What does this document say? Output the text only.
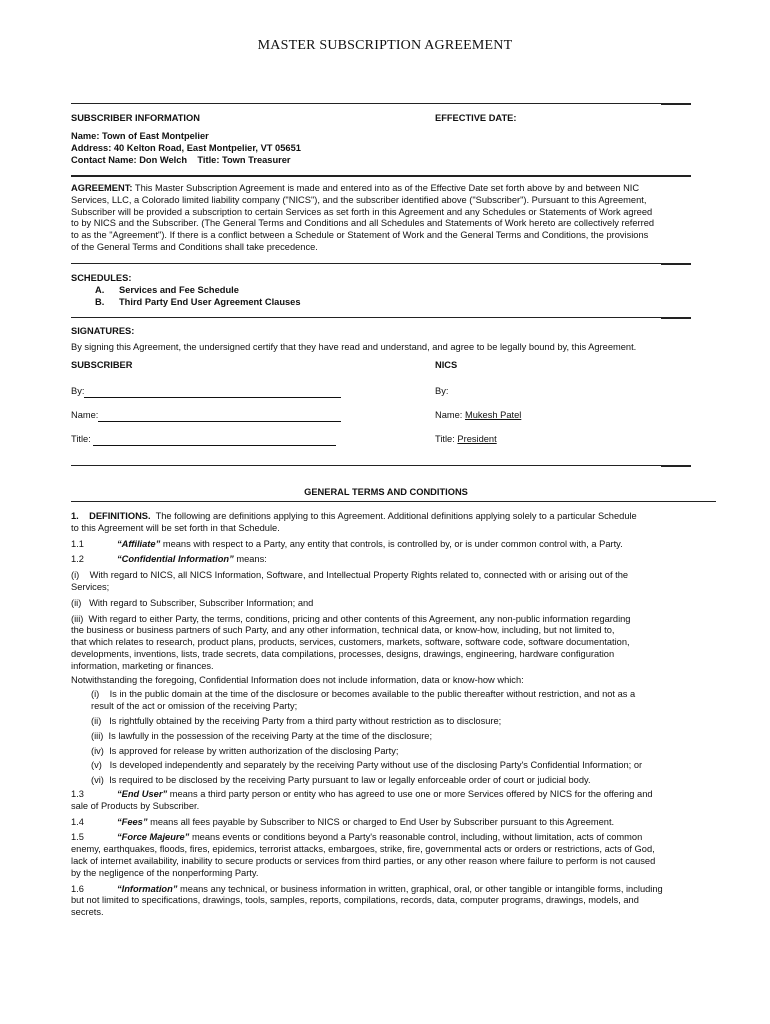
MASTER SUBSCRIPTION AGREEMENT
SUBSCRIBER INFORMATION	EFFECTIVE DATE:
Name: Town of East Montpelier
Address: 40 Kelton Road, East Montpelier, VT 05651
Contact Name: Don Welch    Title: Town Treasurer
AGREEMENT: This Master Subscription Agreement is made and entered into as of the Effective Date set forth above by and between NIC
Services, LLC, a Colorado limited liability company ("NICS"), and the subscriber identified above ("Subscriber"). Pursuant to this Agreement,
Subscriber will be provided a subscription to certain Services as set forth in this Agreement and any Schedules or Statements of Work agreed
to by NICS and the Subscriber. (The General Terms and Conditions and all Schedules and Statements of Work hereto are collectively referred
to as the "Agreement"). If there is a conflict between a Schedule or Statement of Work and the General Terms and Conditions, the provisions
of the General Terms and Conditions shall take precedence.
SCHEDULES:
A. Services and Fee Schedule
B. Third Party End User Agreement Clauses
SIGNATURES:
By signing this Agreement, the undersigned certify that they have read and understand, and agree to be legally bound by, this Agreement.
SUBSCRIBER	NICS
By:
Name:
Title:
By:
Name: Mukesh Patel
Title: President
GENERAL TERMS AND CONDITIONS
1. DEFINITIONS. The following are definitions applying to this Agreement. Additional definitions applying solely to a particular Schedule
to this Agreement will be set forth in that Schedule.
1.1	“Affiliate” means with respect to a Party, any entity that controls, is controlled by, or is under common control with, a Party.
1.2	“Confidential Information” means:
(i)    With regard to NICS, all NICS Information, Software, and Intellectual Property Rights related to, connected with or arising out of the
Services;
(ii)   With regard to Subscriber, Subscriber Information; and
(iii)  With regard to either Party, the terms, conditions, pricing and other contents of this Agreement, any non-public information regarding
the business or business partners of such Party, and any other information, technical data, or know-how, including, but not limited to,
that which relates to research, product plans, products, services, customers, markets, software, software code, software documentation,
developments, inventions, lists, trade secrets, data compilations, processes, designs, drawings, engineering, hardware configuration
information, marketing or finances.
Notwithstanding the foregoing, Confidential Information does not include information, data or know-how which:
(i)    Is in the public domain at the time of the disclosure or becomes available to the public thereafter without restriction, and not as a
result of the act or omission of the receiving Party;
(ii)   Is rightfully obtained by the receiving Party from a third party without restriction as to disclosure;
(iii)  Is lawfully in the possession of the receiving Party at the time of the disclosure;
(iv)  Is approved for release by written authorization of the disclosing Party;
(v)   Is developed independently and separately by the receiving Party without use of the disclosing Party's Confidential Information; or
(vi)  Is required to be disclosed by the receiving Party pursuant to law or legally enforceable order of court or judicial body.
1.3	“End User” means a third party person or entity who has agreed to use one or more Services offered by NICS for the offering and
sale of Products by Subscriber.
1.4	“Fees” means all fees payable by Subscriber to NICS or charged to End User by Subscriber pursuant to this Agreement.
1.5	“Force Majeure” means events or conditions beyond a Party's reasonable control, including, without limitation, acts of common
enemy, earthquakes, floods, fires, epidemics, terrorist attacks, embargoes, strike, fire, governmental acts or orders or restrictions, acts of God,
lack of internet availability, inability to secure products or services from third parties, or any other reason where failure to perform is not caused
by the negligence of the nonperforming Party.
1.6	“Information” means any technical, or business information in written, graphical, oral, or other tangible or intangible forms, including
but not limited to specifications, drawings, tools, samples, reports, compilations, records, data, computer programs, drawings, models, and
secrets.
